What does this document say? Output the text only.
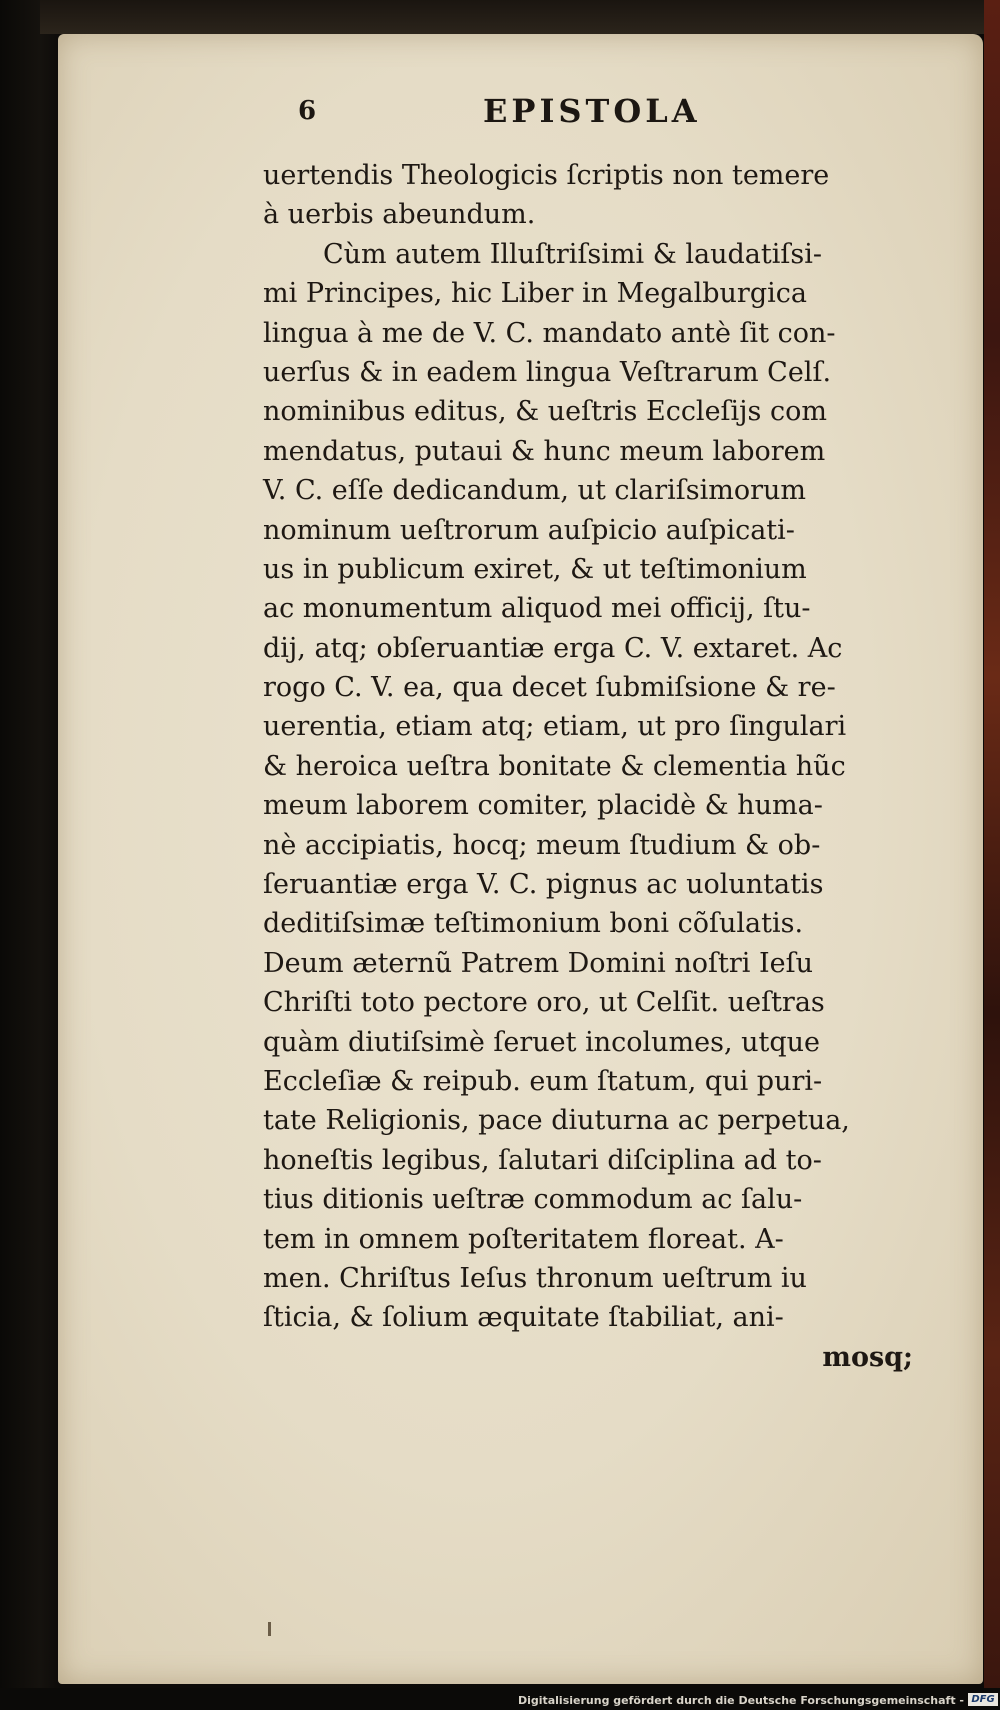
6	EPISTOLA
uertendis Theologicis ſcriptis non temere
à uerbis abeundum.
Cùm autem Illuſtriſsimi & laudatiſsi-
mi Principes, hic Liber in Megalburgica
lingua à me de V. C. mandato antè ſit con-
uerſus & in eadem lingua Veſtrarum Celſ.
nominibus editus, & ueſtris Eccleſijs com
mendatus, putaui & hunc meum laborem
V. C. eſſe dedicandum, ut clariſsimorum
nominum ueſtrorum auſpicio auſpicati-
us in publicum exiret, & ut teſtimonium
ac monumentum aliquod mei officij, ſtu-
dij, atq; obſeruantiæ erga C. V. extaret. Ac
rogo C. V. ea, qua decet ſubmiſsione & re-
uerentia, etiam atq; etiam, ut pro ſingulari
& heroica ueſtra bonitate & clementia hũc
meum laborem comiter, placidè & huma-
nè accipiatis, hocq; meum ſtudium & ob-
ſeruantiæ erga V. C. pignus ac uoluntatis
deditiſsimæ teſtimonium boni cõſulatis.
Deum æternũ Patrem Domini noſtri Ieſu
Chriſti toto pectore oro, ut Celſit. ueſtras
quàm diutiſsimè ſeruet incolumes, utque
Eccleſiæ & reipub. eum ſtatum, qui puri-
tate Religionis, pace diuturna ac perpetua,
honeſtis legibus, ſalutari diſciplina ad to-
tius ditionis ueſtræ commodum ac ſalu-
tem in omnem poſteritatem floreat. A-
men. Chriſtus Ieſus thronum ueſtrum iu
ſticia, & ſolium æquitate ſtabiliat, ani-
mosq;
Digitalisierung gefördert durch die Deutsche Forschungsgemeinschaft - DFG
